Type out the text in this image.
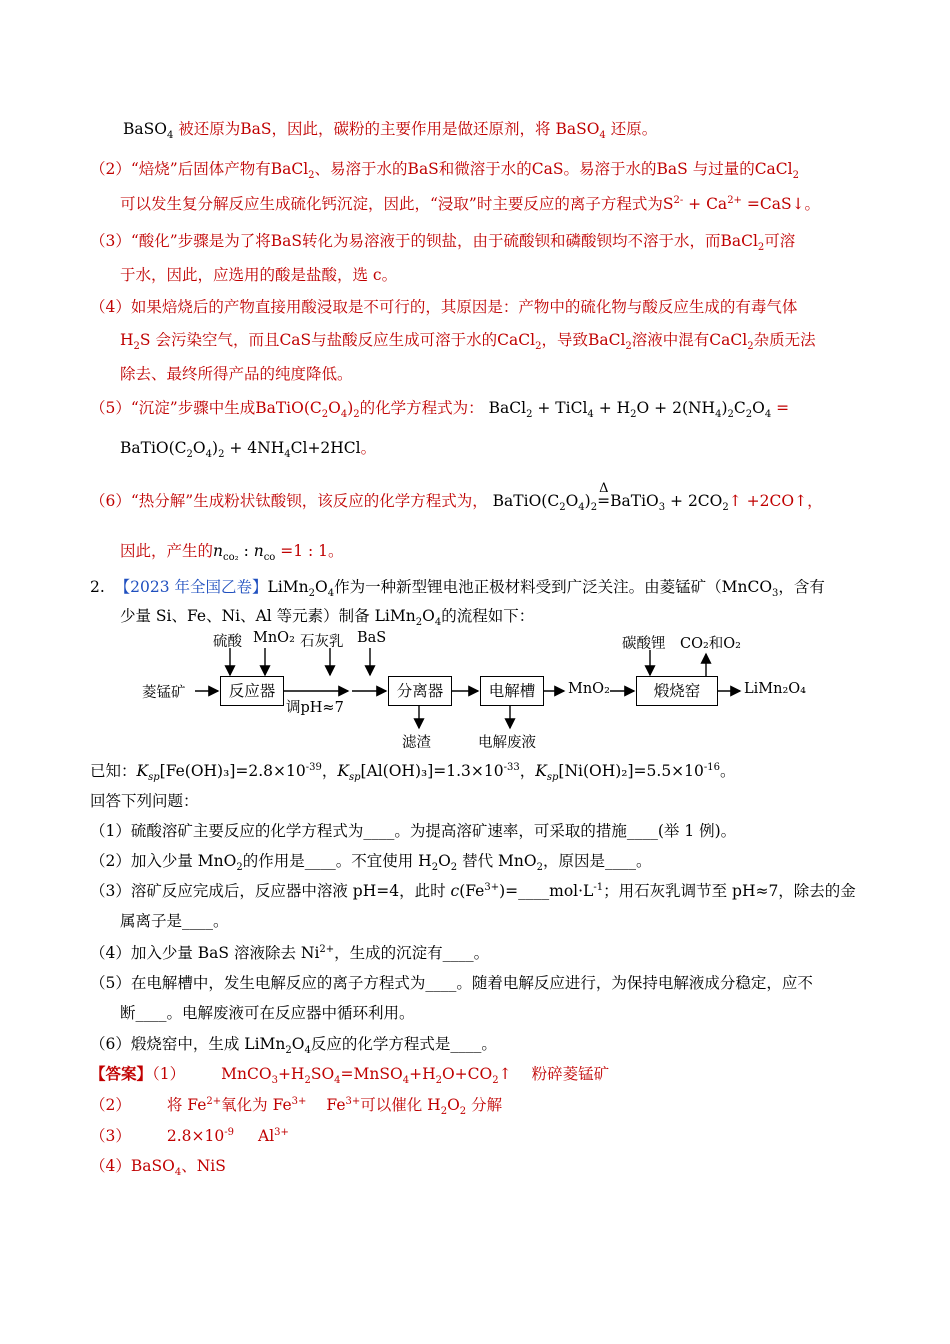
BaSO$_4$ 被还原为BaS，因此，碳粉的主要作用是做还原剂，将 BaSO$_4$ 还原。
（2）“焙烧”后固体产物有BaCl$_2$、易溶于水的BaS和微溶于水的CaS。易溶于水的BaS 与过量的CaCl$_2$
可以发生复分解反应生成硫化钙沉淀，因此，“浸取”时主要反应的离子方程式为$S^{2-} + Ca^{2+}$ =CaS↓。
（3）“酸化”步骤是为了将BaS转化为易溶液于的钡盐，由于硫酸钡和磷酸钡均不溶于水，而BaCl$_2$可溶
于水，因此，应选用的酸是盐酸，选 c。
（4）如果焙烧后的产物直接用酸浸取是不可行的，其原因是：产物中的硫化物与酸反应生成的有毒气体
$H_2S$ 会污染空气，而且CaS与盐酸反应生成可溶于水的CaCl$_2$，导致BaCl$_2$溶液中混有CaCl$_2$杂质无法
除去、最终所得产品的纯度降低。
（5）“沉淀”步骤中生成$BaTiO(C_2O_4)_2$的化学方程式为： BaCl$_2$ + TiCl$_4$ + $H_2O + 2(NH_4)_2C_2O_4$ =
$BaTiO(C_2O_4)_2 + 4NH_4Cl+2HCl$。
（6）“热分解”生成粉状钛酸钡，该反应的化学方程式为， $BaTiO(C_2O_4)_2$
Δ
=BaTiO$_3$ + $2CO_2↑$ +2CO↑，
因此，产生的$n_{co_2}$ : $n_{co} =1$ : 1。
2. 【2023 年全国乙卷】$LiMn_2O_4$作为一种新型锂电池正极材料受到广泛关注。由菱锰矿（MnCO$_3$，含有
少量 Si、Fe、Ni、Al 等元素）制备 $LiMn_2O_4$的流程如下：
硫酸 MnO₂ 石灰乳 BaS
菱锰矿	反应器
调pH≈7
分离器	电解槽	MnO₂	煅烧窑	LiMn₂O₄
滤渣	电解废液
碳酸锂 CO₂和O₂
已知：$K_{sp}[Fe(OH)_3]=2.8\times 10^{-39}$，$K_{sp}[Al(OH)_3]=1.3\times 10^{-33}$，$K_{sp}[Ni(OH)_2]=5.5\times 10^{-16}$。
回答下列问题：
（1）硫酸溶矿主要反应的化学方程式为____。为提高溶矿速率，可采取的措施____(举 1 例)。
（2）加入少量 MnO$_2$的作用是____。不宜使用 $H_2O_2$ 替代 MnO$_2$，原因是____。
（3）溶矿反应完成后，反应器中溶液 pH=4，此时 $c(Fe^{3+})=\_\_\_\_mol\cdot L^{-1}$；用石灰乳调节至 pH≈7，除去的金
属离子是____。
（4）加入少量 BaS 溶液除去 $Ni^{2+}$，生成的沉淀有____。
（5）在电解槽中，发生电解反应的离子方程式为____。随着电解反应进行，为保持电解液成分稳定，应不
断____。电解废液可在反应器中循环利用。
（6）煅烧窑中，生成 $LiMn_2O_4$反应的化学方程式是____。
【答案】（1） $MnCO_3+H_2SO_4=MnSO_4+H_2O+CO_2↑$ 粉碎菱锰矿
（2） 将 $Fe^{2+}$氧化为 $Fe^{3+}$ $Fe^{3+}$可以催化 $H_2O_2$ 分解
（3） $2.8\times 10^{-9}$ $Al^{3+}$
（4）BaSO$_4$、NiS
